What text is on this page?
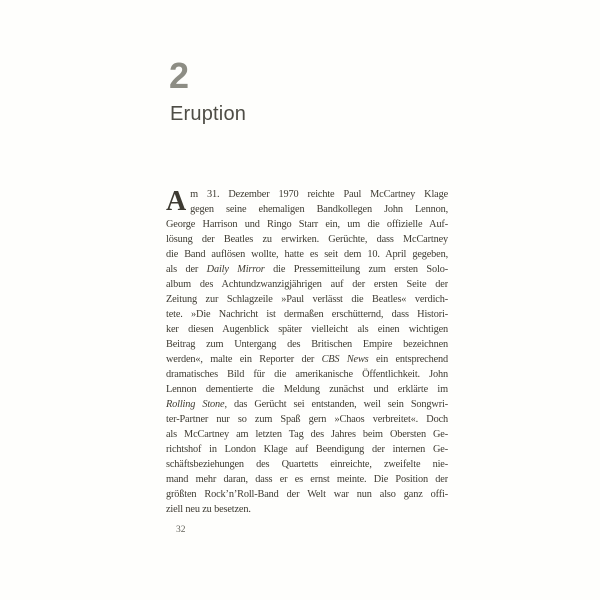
2
Eruption
A m 31. Dezember 1970 reichte Paul McCartney Klage
gegen seine ehemaligen Bandkollegen John Lennon,
George Harrison und Ringo Starr ein, um die offizielle Auf-
lösung der Beatles zu erwirken. Gerüchte, dass McCartney
die Band auflösen wollte, hatte es seit dem 10. April gegeben,
als der Daily Mirror die Pressemitteilung zum ersten Solo-
album des Achtundzwanzigjährigen auf der ersten Seite der
Zeitung zur Schlagzeile »Paul verlässt die Beatles« verdich-
tete. »Die Nachricht ist dermaßen erschütternd, dass Histori-
ker diesen Augenblick später vielleicht als einen wichtigen
Beitrag zum Untergang des Britischen Empire bezeichnen
werden«, malte ein Reporter der CBS News ein entsprechend
dramatisches Bild für die amerikanische Öffentlichkeit. John
Lennon dementierte die Meldung zunächst und erklärte im
Rolling Stone, das Gerücht sei entstanden, weil sein Songwri-
ter-Partner nur so zum Spaß gern »Chaos verbreitet«. Doch
als McCartney am letzten Tag des Jahres beim Obersten Ge-
richtshof in London Klage auf Beendigung der internen Ge-
schäftsbeziehungen des Quartetts einreichte, zweifelte nie-
mand mehr daran, dass er es ernst meinte. Die Position der
größten Rock’n’Roll-Band der Welt war nun also ganz offi-
ziell neu zu besetzen.
32
